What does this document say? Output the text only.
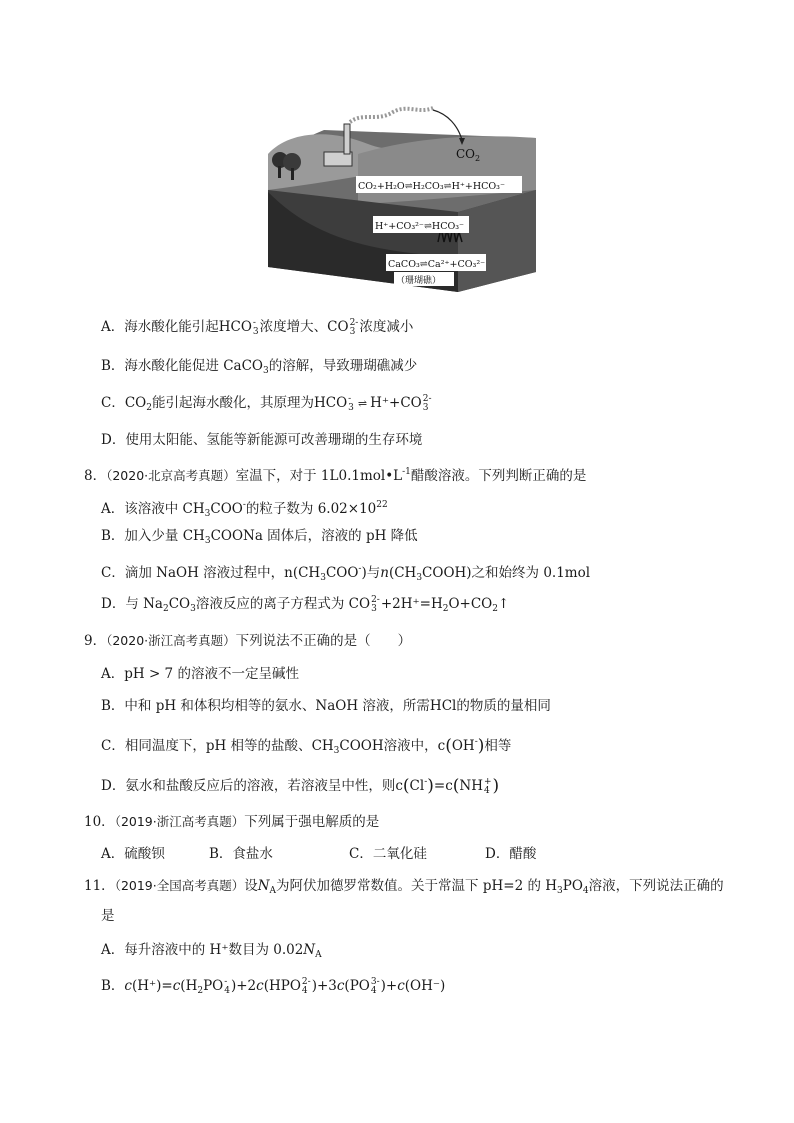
$CO_2$
CO₂+H₂O⇌H₂CO₃⇌H⁺+HCO₃⁻
H⁺+CO₃²⁻⇌HCO₃⁻
CaCO₃⇌Ca²⁺+CO₃²⁻
（珊瑚礁）
A．海水酸化能引起HCO -
3 浓度增大、CO 2-
3 浓度减小
B．海水酸化能促进 CaCO$_3$的溶解，导致珊瑚礁减少
C．$CO_2$能引起海水酸化，其原理为HCO -
3 ⇌ H⁺+CO 2-
3
D．使用太阳能、氢能等新能源可改善珊瑚的生存环境
8．（2020·北京高考真题）室温下，对于 $1L0.1mol•L^{-1}$醋酸溶液。下列判断正确的是
A．该溶液中 $CH_3COO^-$的粒子数为 $6.02\times 10^{22}$
B．加入少量 $CH_3COONa$ 固体后，溶液的 pH 降低
C．滴加 NaOH 溶液过程中，$n(CH_3COO^-)$与$n(CH_3COOH)$之和始终为 0.1mol
D．与 $Na_2CO_3$溶液反应的离子方程式为 CO 2-
$3 +2H^+=H_2O+CO_2↑$
9．（2020·浙江高考真题）下列说法不正确的是（　　）
A．pH > 7 的溶液不一定呈碱性
B．中和 pH 和体积均相等的氨水、NaOH 溶液，所需HCl的物质的量相同
C．相同温度下，pH 相等的盐酸、$CH_3COOH$溶液中，c(OH-)相等
D．氨水和盐酸反应后的溶液，若溶液呈中性，则c(Cl-)=c(NH +
4 )
10．（2019·浙江高考真题）下列属于强电解质的是
A．硫酸钡	B．食盐水	C．二氧化硅	D．醋酸
11．（2019·全国高考真题）设$N_A$为阿伏加德罗常数值。关于常温下 pH=2 的 $H_3PO_4$溶液，下列说法正确的
是
A．每升溶液中的 H⁺数目为 $0.02N_A$
B．$c(H^+)=c(H_2PO$ -
4 )+2c(HPO 2-
4 )+3c(PO 3-
4 )+c(OH⁻)
